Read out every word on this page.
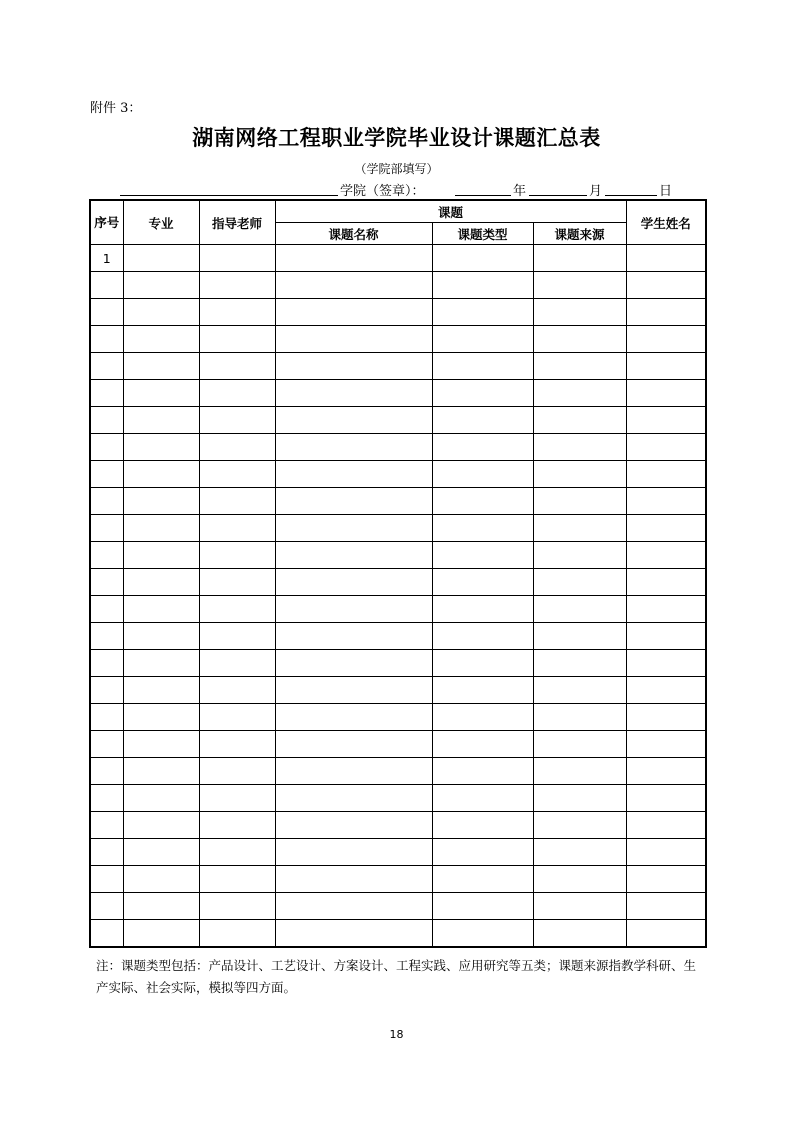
附件 3：
湖南网络工程职业学院毕业设计课题汇总表
（学院部填写）
学院（签章）：	年	月	日
序号	专业	指导老师	课题			学生姓名
			课题名称	课题类型	课题来源	
1						

注：课题类型包括：产品设计、工艺设计、方案设计、工程实践、应用研究等五类；课题来源指教学科研、生产实际、社会实际，模拟等四方面。
18
